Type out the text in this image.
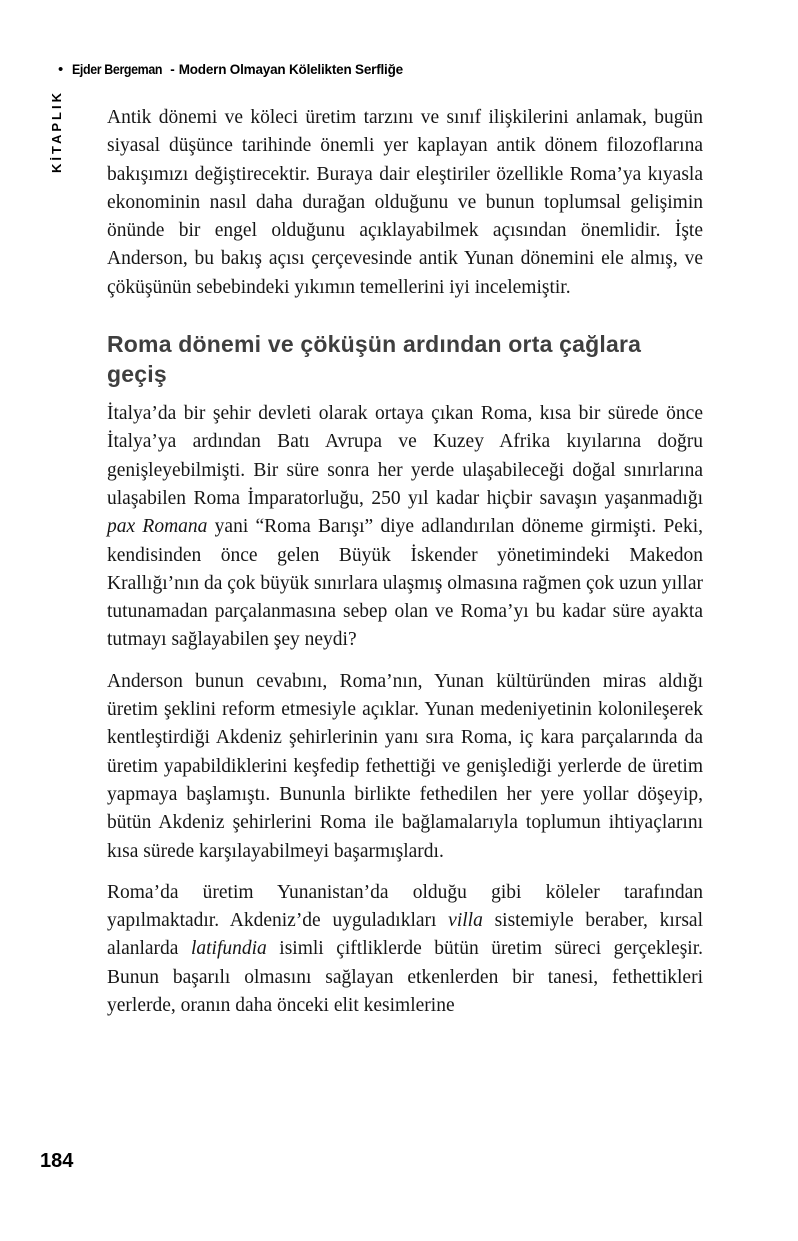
• Ejder Bergeman - Modern Olmayan Kölelikten Serfliğe
KİTAPLIK Antik dönemi ve köleci üretim tarzını ve sınıf ilişkilerini anlamak, bugün siyasal düşünce tarihinde önemli yer kaplayan antik dönem filozoflarına bakışımızı değiştirecektir. Buraya dair eleştiriler özellikle Roma’ya kıyasla ekonominin nasıl daha durağan olduğunu ve bunun toplumsal gelişimin önünde bir engel olduğunu açıklayabilmek açısından önemlidir. İşte Anderson, bu bakış açısı çerçevesinde antik Yunan dönemini ele almış, ve çöküşünün sebebindeki yıkımın temellerini iyi incelemiştir.

Roma dönemi ve çöküşün ardından orta çağlara geçiş

İtalya’da bir şehir devleti olarak ortaya çıkan Roma, kısa bir sürede önce İtalya’ya ardından Batı Avrupa ve Kuzey Afrika kıyılarına doğru genişleyebilmişti. Bir süre sonra her yerde ulaşabileceği doğal sınırlarına ulaşabilen Roma İmparatorluğu, 250 yıl kadar hiçbir savaşın yaşanmadığı pax Romana yani “Roma Barışı” diye adlandırılan döneme girmişti. Peki, kendisinden önce gelen Büyük İskender yönetimindeki Makedon Krallığı’nın da çok büyük sınırlara ulaşmış olmasına rağmen çok uzun yıllar tutunamadan parçalanmasına sebep olan ve Roma’yı bu kadar süre ayakta tutmayı sağlayabilen şey neydi?

Anderson bunun cevabını, Roma’nın, Yunan kültüründen miras aldığı üretim şeklini reform etmesiyle açıklar. Yunan medeniyetinin kolonileşerek kentleştirdiği Akdeniz şehirlerinin yanı sıra Roma, iç kara parçalarında da üretim yapabildiklerini keşfedip fethettiği ve genişlediği yerlerde de üretim yapmaya başlamıştı. Bununla birlikte fethedilen her yere yollar döşeyip, bütün Akdeniz şehirlerini Roma ile bağlamalarıyla toplumun ihtiyaçlarını kısa sürede karşılayabilmeyi başarmışlardı.

Roma’da üretim Yunanistan’da olduğu gibi köleler tarafından yapılmaktadır. Akdeniz’de uyguladıkları villa sistemiyle beraber, kırsal alanlarda latifundia isimli çiftliklerde bütün üretim süreci gerçekleşir. Bunun başarılı olmasını sağlayan etkenlerden bir tanesi, fethettikleri yerlerde, oranın daha önceki elit kesimlerine

184
